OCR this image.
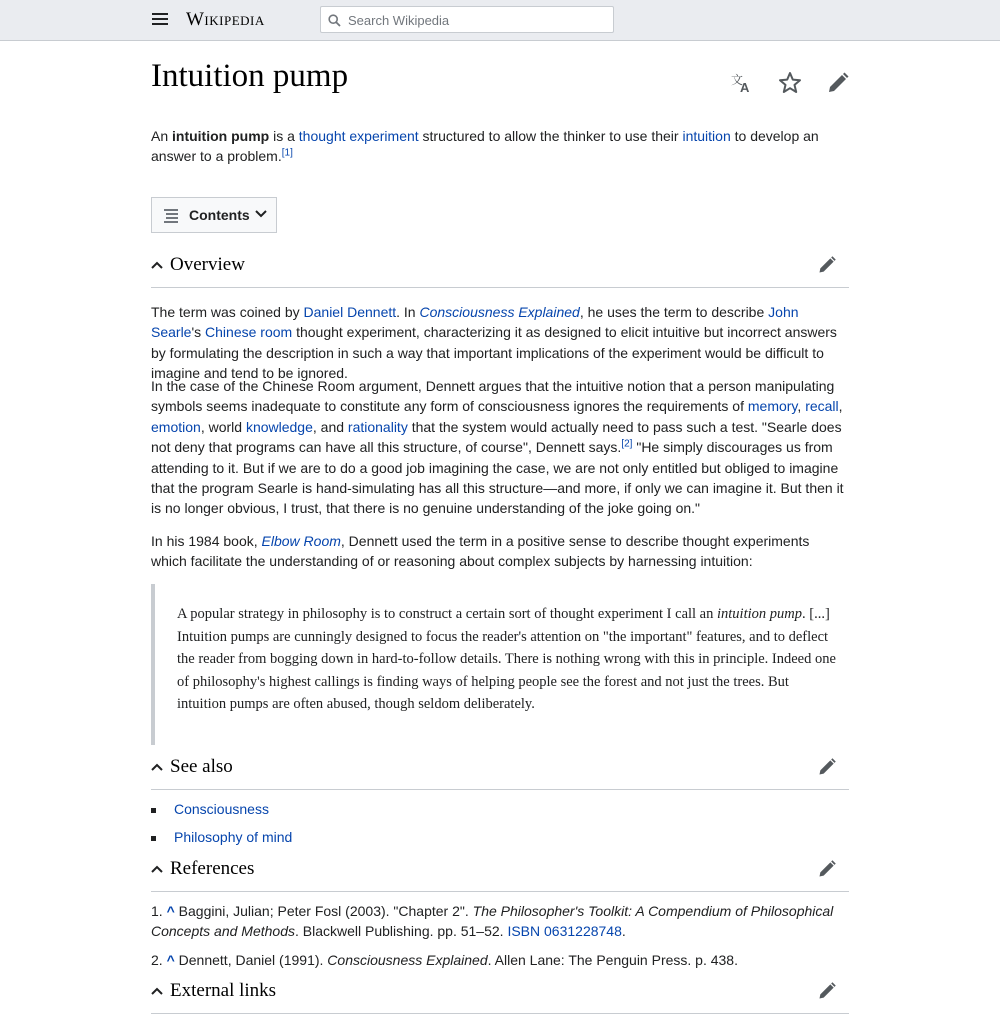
Wikipedia
Search Wikipedia
Intuition pump	文
A

An intuition pump is a thought experiment structured to allow the thinker to use their intuition to develop an answer to a problem.[1]

Contents
Overview

The term was coined by Daniel Dennett. In Consciousness Explained, he uses the term to describe John Searle's Chinese room thought experiment, characterizing it as designed to elicit intuitive but incorrect answers by formulating the description in such a way that important implications of the experiment would be difficult to imagine and tend to be ignored.

In the case of the Chinese Room argument, Dennett argues that the intuitive notion that a person manipulating symbols seems inadequate to constitute any form of consciousness ignores the requirements of memory, recall, emotion, world knowledge, and rationality that the system would actually need to pass such a test. "Searle does not deny that programs can have all this structure, of course", Dennett says.[2] "He simply discourages us from attending to it. But if we are to do a good job imagining the case, we are not only entitled but obliged to imagine that the program Searle is hand-simulating has all this structure—and more, if only we can imagine it. But then it is no longer obvious, I trust, that there is no genuine understanding of the joke going on."

In his 1984 book, Elbow Room, Dennett used the term in a positive sense to describe thought experiments which facilitate the understanding of or reasoning about complex subjects by harnessing intuition:

A popular strategy in philosophy is to construct a certain sort of thought experiment I call an intuition pump. [...] Intuition pumps are cunningly designed to focus the reader's attention on "the important" features, and to deflect the reader from bogging down in hard-to-follow details. There is nothing wrong with this in principle. Indeed one of philosophy's highest callings is finding ways of helping people see the forest and not just the trees. But intuition pumps are often abused, though seldom deliberately.

See also
Consciousness
Philosophy of mind
References
1. ^ Baggini, Julian; Peter Fosl (2003). "Chapter 2". The Philosopher's Toolkit: A Compendium of Philosophical Concepts and Methods. Blackwell Publishing. pp. 51–52. ISBN 0631228748.
2. ^ Dennett, Daniel (1991). Consciousness Explained. Allen Lane: The Penguin Press. p. 438.
External links
